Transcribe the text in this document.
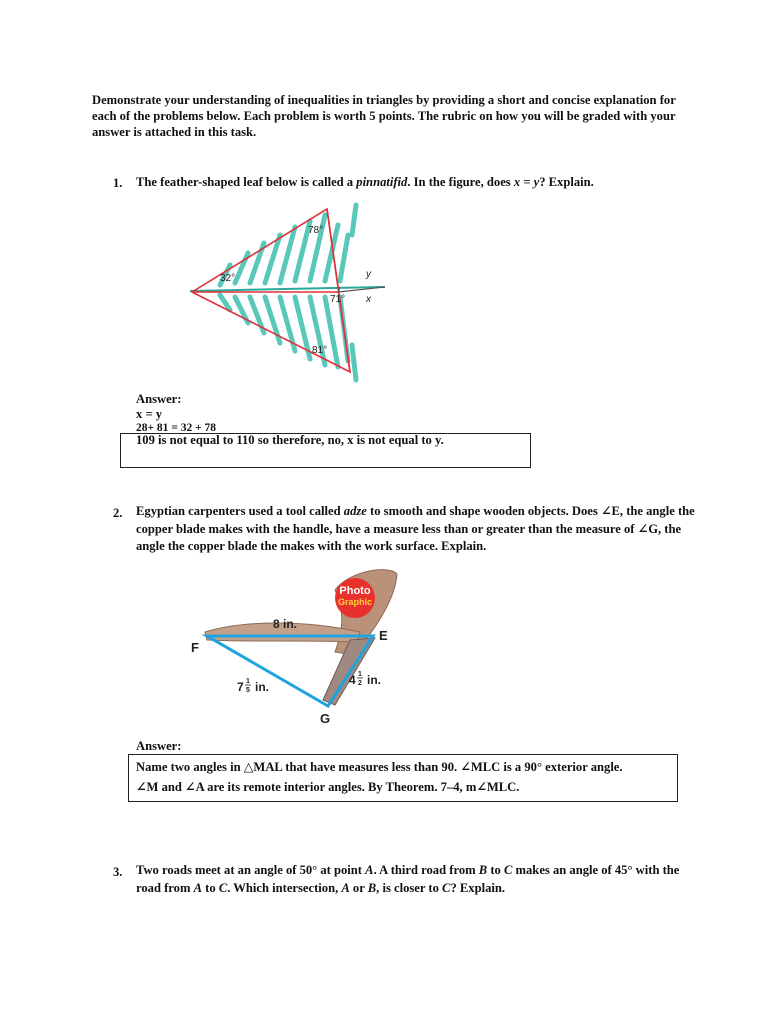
Demonstrate your understanding of inequalities in triangles by providing a short and concise explanation for each of the problems below. Each problem is worth 5 points. The rubric on how you will be graded with your answer is attached in this task.
1. The feather-shaped leaf below is called a pinnatifid. In the figure, does x = y? Explain.
78°
32°
71°
81°
x
y
Answer:
x = y
28+ 81 = 32 + 78
109 is not equal to 110 so therefore, no, x is not equal to y.
2. Egyptian carpenters used a tool called adze to smooth and shape wooden objects. Does ∠E, the angle the copper blade makes with the handle, have a measure less than or greater than the measure of ∠G, the angle the copper blade the makes with the work surface. Explain.
Photo
Graphic
8 in.
F
E
G
7 1
5 in.	4 1
2 in.
Answer:
Name two angles in △MAL that have measures less than 90. ∠MLC is a 90° exterior angle.
∠M and ∠A are its remote interior angles. By Theorem. 7–4, m∠MLC.
3. Two roads meet at an angle of 50° at point A. A third road from B to C makes an angle of 45° with the road from A to C. Which intersection, A or B, is closer to C? Explain.
